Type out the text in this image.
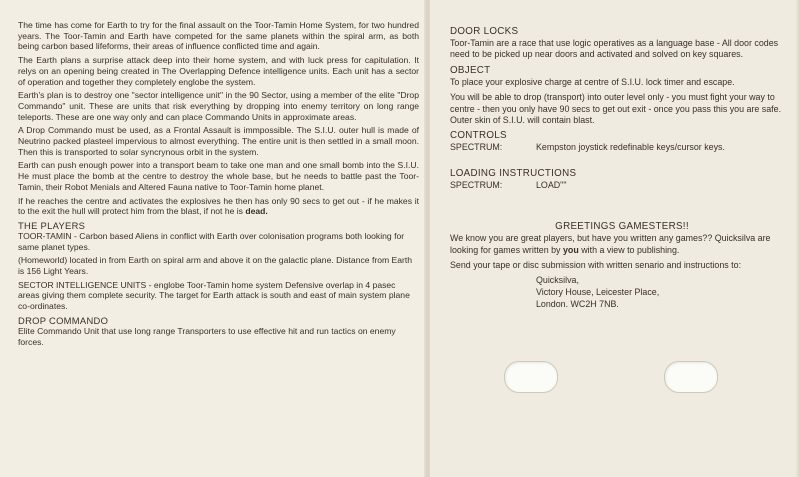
The time has come for Earth to try for the final assault on the Toor-Tamin Home System, for two hundred years. The Toor-Tamin and Earth have competed for the same planets within the spiral arm, as both being carbon based lifeforms, their areas of influence conflicted time and again.

The Earth plans a surprise attack deep into their home system, and with luck press for capitulation. It relys on an opening being created in The Overlapping Defence intelligence units. Each unit has a sector of operation and together they completely englobe the system.

Earth's plan is to destroy one "sector intelligence unit" in the 90 Sector, using a member of the elite "Drop Commando" unit. These are units that risk everything by dropping into enemy territory on long range teleports. These are one way only and can place Commando Units in approximate areas.

A Drop Commando must be used, as a Frontal Assault is immpossible. The S.I.U. outer hull is made of Neutrino packed plasteel impervious to almost everything. The entire unit is then settled in a small moon. Then this is transported to solar syncrynous orbit in the system.

Earth can push enough power into a transport beam to take one man and one small bomb into the S.I.U. He must place the bomb at the centre to destroy the whole base, but he needs to battle past the Toor-Tamin, their Robot Menials and Altered Fauna native to Toor-Tamin home planet.

If he reaches the centre and activates the explosives he then has only 90 secs to get out - if he makes it to the exit the hull will protect him from the blast, if not he is dead.

THE PLAYERS

TOOR-TAMIN - Carbon based Aliens in conflict with Earth over colonisation programs both looking for same planet types.

(Homeworld) located in from Earth on spiral arm and above it on the galactic plane. Distance from Earth is 156 Light Years.

SECTOR INTELLIGENCE UNITS - englobe Toor-Tamin home system Defensive overlap in 4 pasec areas giving them complete security. The target for Earth attack is south and east of main system plane co-ordinates.

DROP COMMANDO

Elite Commando Unit that use long range Transporters to use effective hit and run tactics on enemy forces.

DOOR LOCKS

Toor-Tamin are a race that use logic operatives as a language base - All door codes need to be picked up near doors and activated and solved on key squares.

OBJECT

To place your explosive charge at centre of S.I.U. lock timer and escape.

You will be able to drop (transport) into outer level only - you must fight your way to centre - then you only have 90 secs to get out exit - once you pass this you are safe. Outer skin of S.I.U. will contain blast.

CONTROLS
SPECTRUM:	Kempston joystick redefinable keys/cursor keys.
LOADING INSTRUCTIONS
SPECTRUM:	LOAD""
GREETINGS GAMESTERS!!

We know you are great players, but have you written any games?? Quicksilva are looking for games written by you with a view to publishing.

Send your tape or disc submission with written senario and instructions to:

Quicksilva,
Victory House, Leicester Place,
London. WC2H 7NB.
